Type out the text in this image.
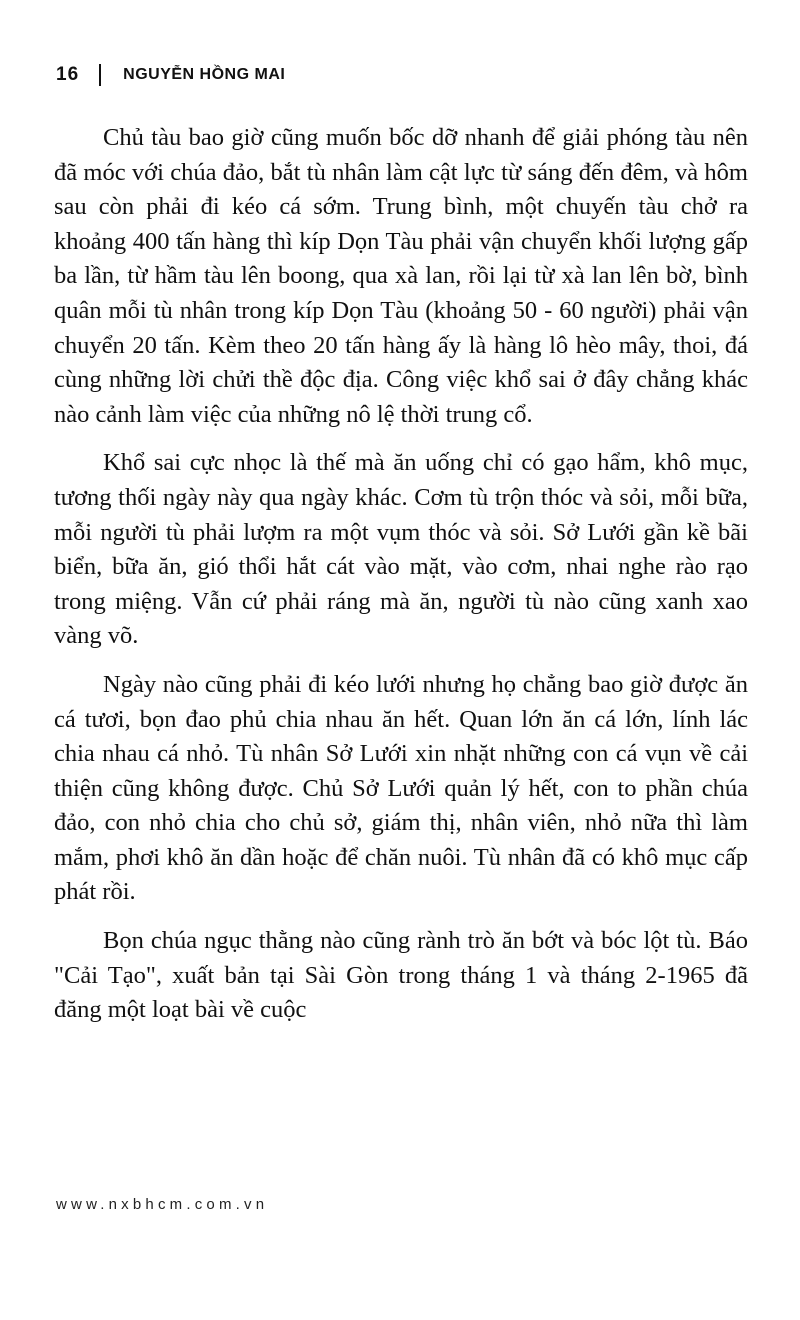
16	NGUYỄN HỒNG MAI

Chủ tàu bao giờ cũng muốn bốc dỡ nhanh để giải phóng tàu nên đã móc với chúa đảo, bắt tù nhân làm cật lực từ sáng đến đêm, và hôm sau còn phải đi kéo cá sớm. Trung bình, một chuyến tàu chở ra khoảng 400 tấn hàng thì kíp Dọn Tàu phải vận chuyển khối lượng gấp ba lần, từ hầm tàu lên boong, qua xà lan, rồi lại từ xà lan lên bờ, bình quân mỗi tù nhân trong kíp Dọn Tàu (khoảng 50 - 60 người) phải vận chuyển 20 tấn. Kèm theo 20 tấn hàng ấy là hàng lô hèo mây, thoi, đá cùng những lời chửi thề độc địa. Công việc khổ sai ở đây chẳng khác nào cảnh làm việc của những nô lệ thời trung cổ.

Khổ sai cực nhọc là thế mà ăn uống chỉ có gạo hẩm, khô mục, tương thối ngày này qua ngày khác. Cơm tù trộn thóc và sỏi, mỗi bữa, mỗi người tù phải lượm ra một vụm thóc và sỏi. Sở Lưới gần kề bãi biển, bữa ăn, gió thổi hắt cát vào mặt, vào cơm, nhai nghe rào rạo trong miệng. Vẫn cứ phải ráng mà ăn, người tù nào cũng xanh xao vàng võ.

Ngày nào cũng phải đi kéo lưới nhưng họ chẳng bao giờ được ăn cá tươi, bọn đao phủ chia nhau ăn hết. Quan lớn ăn cá lớn, lính lác chia nhau cá nhỏ. Tù nhân Sở Lưới xin nhặt những con cá vụn về cải thiện cũng không được. Chủ Sở Lưới quản lý hết, con to phần chúa đảo, con nhỏ chia cho chủ sở, giám thị, nhân viên, nhỏ nữa thì làm mắm, phơi khô ăn dần hoặc để chăn nuôi. Tù nhân đã có khô mục cấp phát rồi.

Bọn chúa ngục thằng nào cũng rành trò ăn bớt và bóc lột tù. Báo "Cải Tạo", xuất bản tại Sài Gòn trong tháng 1 và tháng 2-1965 đã đăng một loạt bài về cuộc

www.nxbhcm.com.vn
